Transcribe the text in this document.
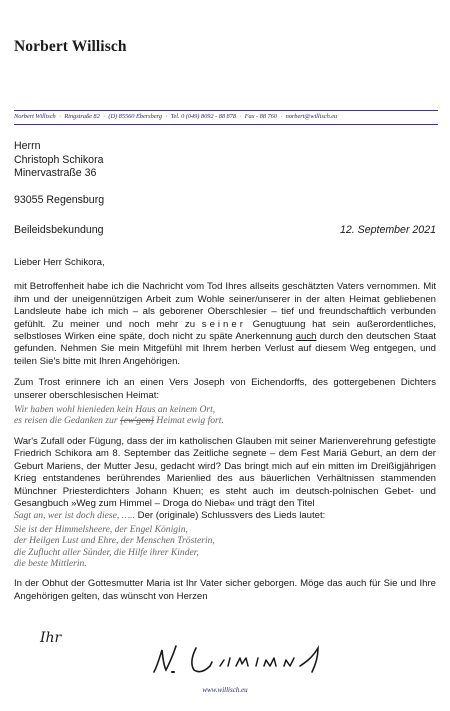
Norbert Willisch
Norbert Willisch · Ringstraße 82 · (D) 85560 Ebersberg · Tel. 0 (049) 8092 - 88 878 · Fax - 88 760 · norbert@willisch.eu
Herrn
Christoph Schikora
Minervastraße 36
93055 Regensburg
Beileidsbekundung	12. September 2021

Lieber Herr Schikora,

mit Betroffenheit habe ich die Nachricht vom Tod Ihres allseits geschätzten Vaters vernommen. Mit ihm und der uneigennützigen Arbeit zum Wohle seiner/unserer in der alten Heimat gebliebenen Landsleute habe ich mich – als geborener Oberschlesier – tief und freundschaftlich verbunden gefühlt. Zu meiner und noch mehr zu seiner Genugtuung hat sein außerordentliches, selbstloses Wirken eine späte, doch nicht zu späte Anerkennung auch durch den deutschen Staat gefunden. Nehmen Sie mein Mitgefühl mit Ihrem herben Verlust auf diesem Weg entgegen, und teilen Sie's bitte mit Ihren Angehörigen.

Zum Trost erinnere ich an einen Vers Joseph von Eichendorffs, des gottergebenen Dichters unserer oberschlesischen Heimat:

Wir haben wohl hienieden kein Haus an keinem Ort,
es reisen die Gedanken zur [ew'gen] Heimat ewig fort.

War's Zufall oder Fügung, dass der im katholischen Glauben mit seiner Marienverehrung gefestigte Friedrich Schikora am 8. September das Zeitliche segnete – dem Fest Mariä Geburt, an dem der Geburt Mariens, der Mutter Jesu, gedacht wird? Das bringt mich auf ein mitten im Dreißigjährigen Krieg entstandenes berührendes Marienlied des aus bäuerlichen Verhältnissen stammenden Münchner Priesterdichters Johann Khuen; es steht auch im deutsch-polnischen Gebet- und Gesangbuch »Weg zum Himmel – Droga do Nieba« und trägt den Titel
Sagt an, wer ist doch diese, ….. Der (originale) Schlussvers des Lieds lautet:

Sie ist der Himmelsheere, der Engel Königin,
der Heilgen Lust und Ehre, der Menschen Trösterin,
die Zuflucht aller Sünder, die Hilfe ihrer Kinder,
die beste Mittlerin.

In der Obhut der Gottesmutter Maria ist Ihr Vater sicher geborgen. Möge das auch für Sie und Ihre Angehörigen gelten, das wünscht von Herzen

Ihr
www.willisch.eu
